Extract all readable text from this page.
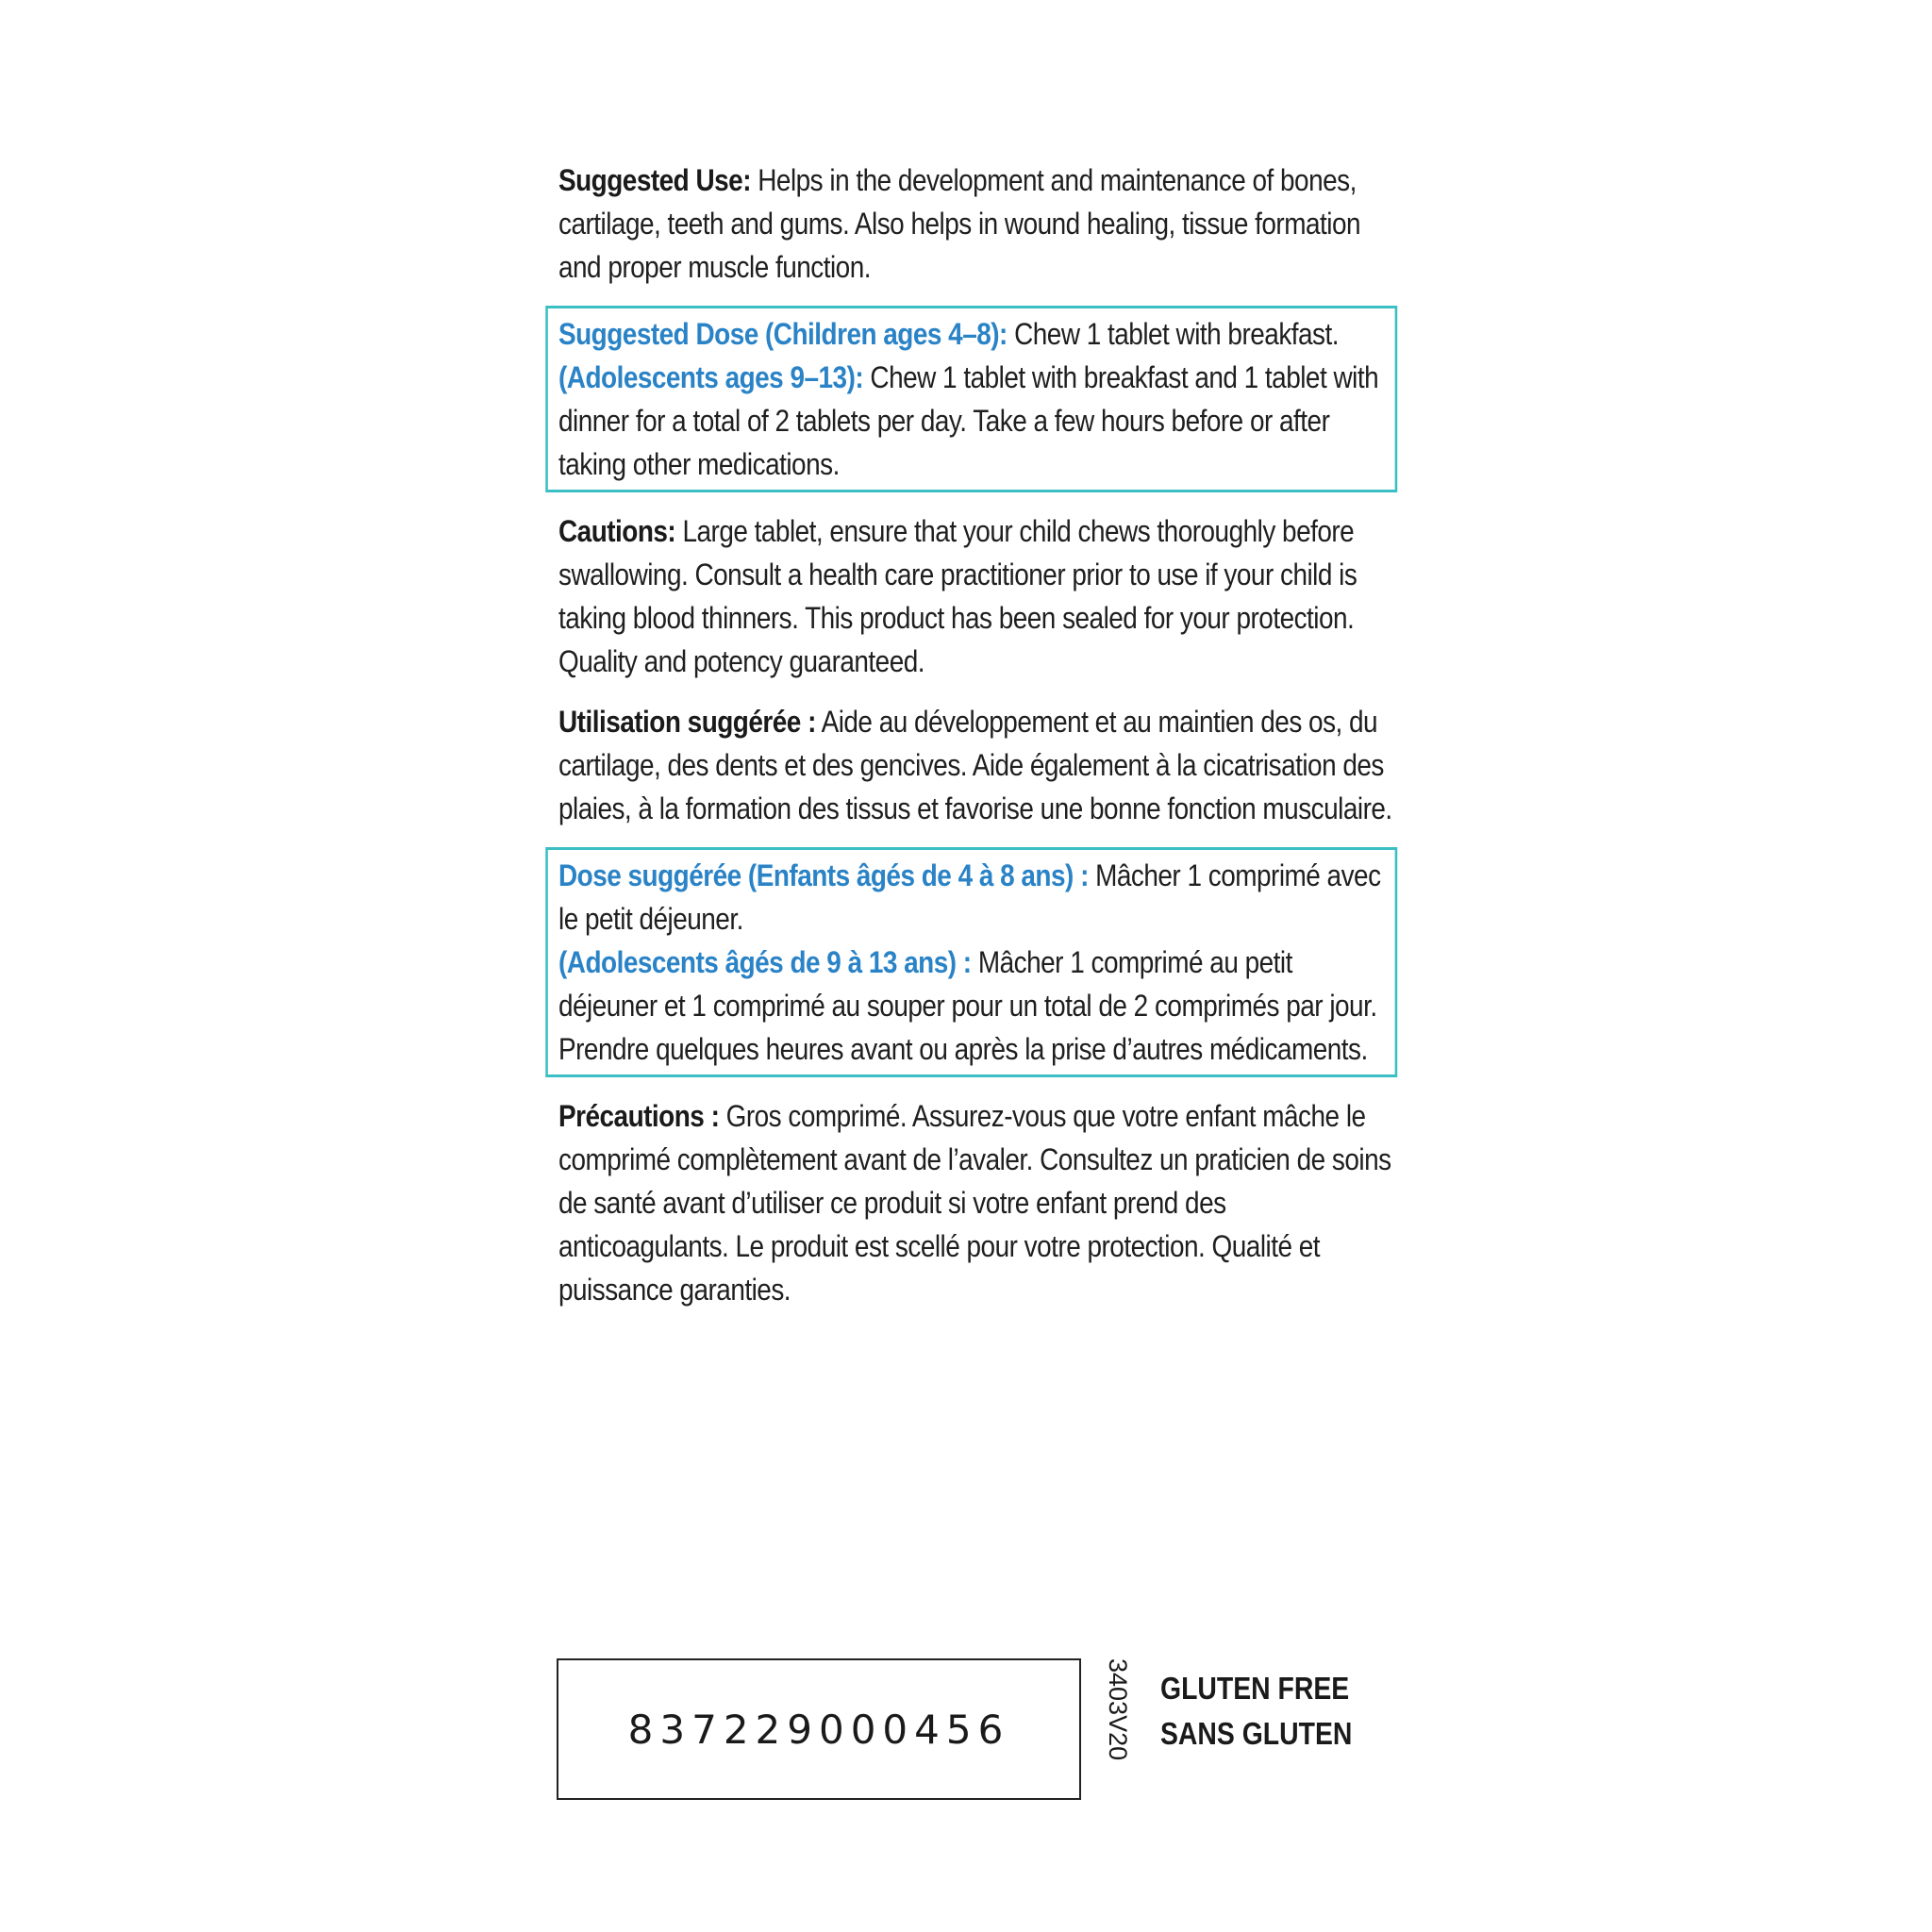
Suggested Use: Helps in the development and maintenance of bones, cartilage, teeth and gums. Also helps in wound healing, tissue formation and proper muscle function.

Suggested Dose (Children ages 4–8): Chew 1 tablet with breakfast. (Adolescents ages 9–13): Chew 1 tablet with breakfast and 1 tablet with dinner for a total of 2 tablets per day. Take a few hours before or after taking other medications.

Cautions: Large tablet, ensure that your child chews thoroughly before swallowing. Consult a health care practitioner prior to use if your child is taking blood thinners. This product has been sealed for your protection. Quality and potency guaranteed.

Utilisation suggérée : Aide au développement et au maintien des os, du cartilage, des dents et des gencives. Aide également à la cicatrisation des plaies, à la formation des tissus et favorise une bonne fonction musculaire.

Dose suggérée (Enfants âgés de 4 à 8 ans) : Mâcher 1 comprimé avec le petit déjeuner.

(Adolescents âgés de 9 à 13 ans) : Mâcher 1 comprimé au petit déjeuner et 1 comprimé au souper pour un total de 2 comprimés par jour. Prendre quelques heures avant ou après la prise d’autres médicaments.

Précautions : Gros comprimé. Assurez-vous que votre enfant mâche le comprimé complètement avant de l’avaler. Consultez un praticien de soins de santé avant d’utiliser ce produit si votre enfant prend des anticoagulants. Le produit est scellé pour votre protection. Qualité et puissance garanties.

837229000456	3403V20 GLUTEN FREE
SANS GLUTEN
